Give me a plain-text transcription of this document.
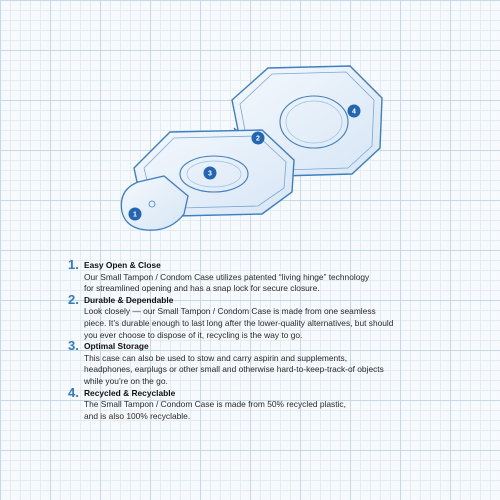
1
2
3
4
1. Easy Open & Close
Our Small Tampon / Condom Case utilizes patented “living hinge” technology
for streamlined opening and has a snap lock for secure closure.
2. Durable & Dependable
Look closely — our Small Tampon / Condom Case is made from one seamless
piece. It’s durable enough to last long after the lower-quality alternatives, but should
you ever choose to dispose of it, recycling is the way to go.
3. Optimal Storage
This case can also be used to stow and carry aspirin and supplements,
headphones, earplugs or other small and otherwise hard-to-keep-track-of objects
while you’re on the go.
4. Recycled & Recyclable
The Small Tampon / Condom Case is made from 50% recycled plastic,
and is also 100% recyclable.
